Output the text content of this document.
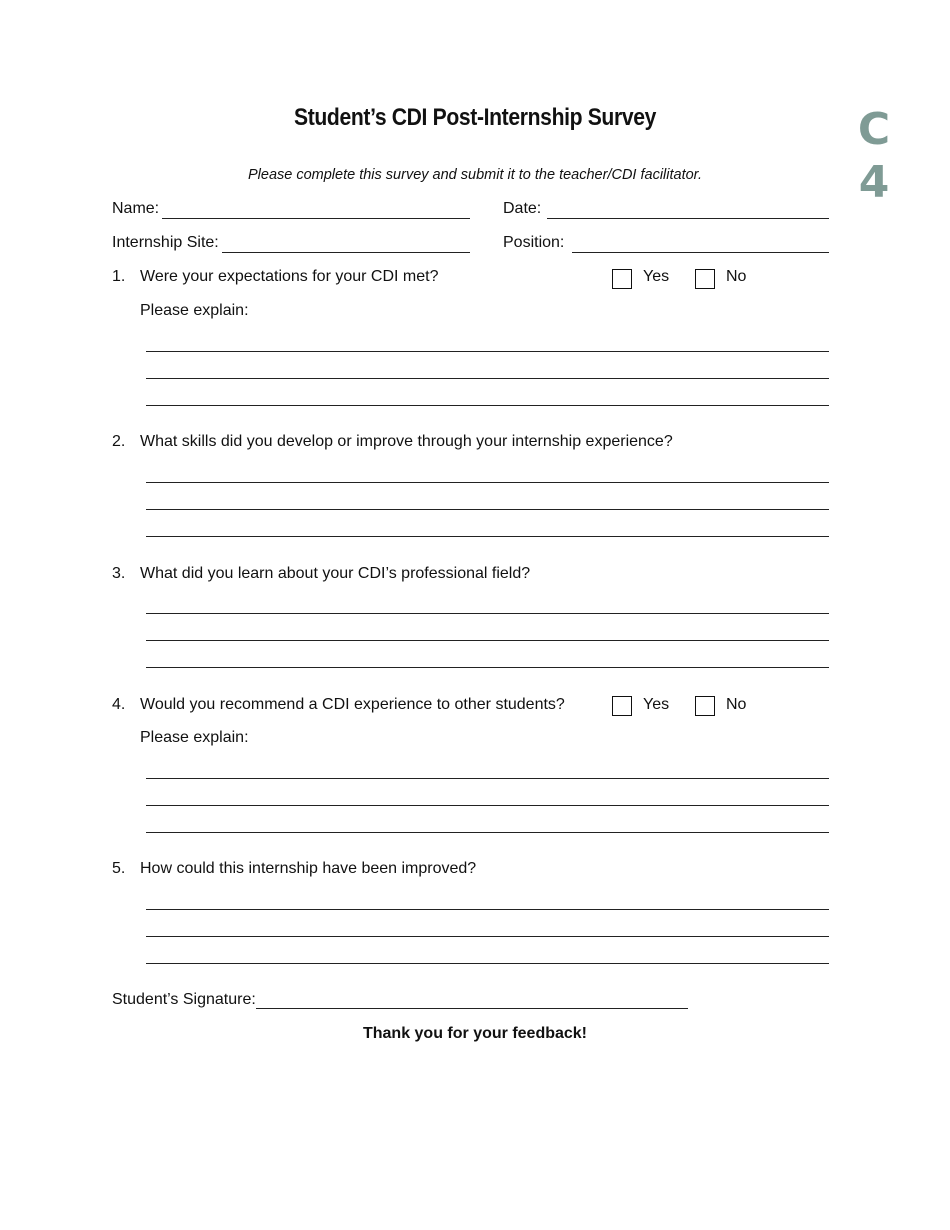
Student’s CDI Post-Internship Survey	C
4
Please complete this survey and submit it to the teacher/CDI facilitator.
Name:	Date:
Internship Site:	Position:
1. Were your expectations for your CDI met?	Yes	No
Please explain:
2. What skills did you develop or improve through your internship experience?
3. What did you learn about your CDI’s professional field?
4. Would you recommend a CDI experience to other students?	Yes	No
Please explain:
5. How could this internship have been improved?
Student’s Signature:
Thank you for your feedback!
